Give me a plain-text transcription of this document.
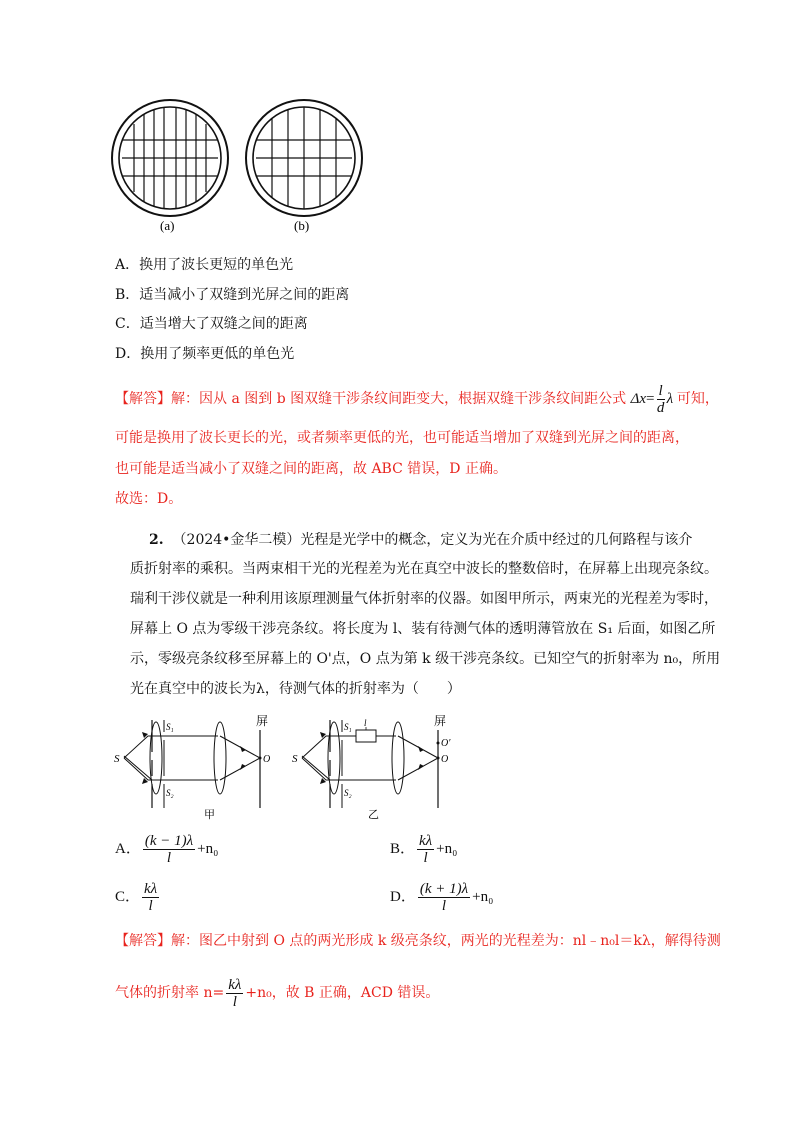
(a)	(b)
A．换用了波长更短的单色光
B．适当减小了双缝到光屏之间的距离
C．适当增大了双缝之间的距离
D．换用了频率更低的单色光
【解答】解：因从 a 图到 b 图双缝干涉条纹间距变大，根据双缝干涉条纹间距公式 $\Delta x= \frac{l}{d}$ λ 可知，
可能是换用了波长更长的光，或者频率更低的光，也可能适当增加了双缝到光屏之间的距离，
也可能是适当减小了双缝之间的距离，故 ABC 错误，D 正确。
故选：D。
2. （2024•金华二模）光程是光学中的概念，定义为光在介质中经过的几何路程与该介
质折射率的乘积。当两束相干光的光程差为光在真空中波长的整数倍时，在屏幕上出现亮条纹。
瑞利干涉仪就是一种利用该原理测量气体折射率的仪器。如图甲所示，两束光的光程差为零时，
屏幕上 O 点为零级干涉亮条纹。将长度为 l、装有待测气体的透明薄管放在 S₁ 后面，如图乙所
示，零级亮条纹移至屏幕上的 O'点，O 点为第 k 级干涉亮条纹。已知空气的折射率为 n₀，所用
光在真空中的波长为λ，待测气体的折射率为（　　）
屏
S
S₁
S₂
O
甲
屏
S
S₁
S₂
l
O′
O
乙
A． $\frac{(k - 1)\lambda}{l} +n_0$	B． $\frac{k\lambda}{l} +n_0$
C． $\frac{k\lambda}{l}$	D． $\frac{(k + 1)\lambda}{l} +n_0$
【解答】解：图乙中射到 O 点的两光形成 k 级亮条纹，两光的光程差为：nl﹣n₀l＝kλ，解得待测
气体的折射率 $n= \frac{k\lambda}{l} +n_0$，故 B 正确，ACD 错误。
